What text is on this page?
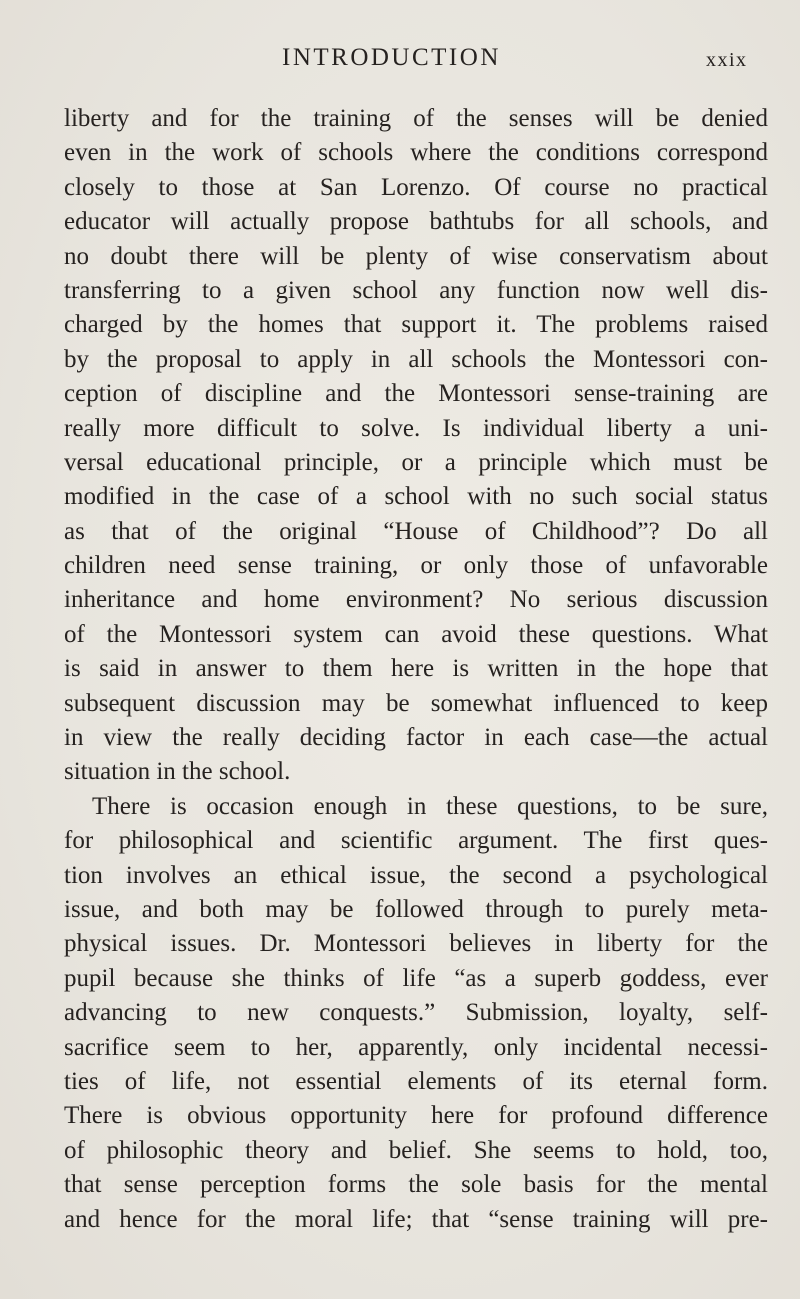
INTRODUCTION	xxix
liberty and for the training of the senses will be denied
even in the work of schools where the conditions correspond
closely to those at San Lorenzo. Of course no practical
educator will actually propose bathtubs for all schools, and
no doubt there will be plenty of wise conservatism about
transferring to a given school any function now well dis-
charged by the homes that support it. The problems raised
by the proposal to apply in all schools the Montessori con-
ception of discipline and the Montessori sense-training are
really more difficult to solve. Is individual liberty a uni-
versal educational principle, or a principle which must be
modified in the case of a school with no such social status
as that of the original “House of Childhood”? Do all
children need sense training, or only those of unfavorable
inheritance and home environment? No serious discussion
of the Montessori system can avoid these questions. What
is said in answer to them here is written in the hope that
subsequent discussion may be somewhat influenced to keep
in view the really deciding factor in each case—the actual
situation in the school.
There is occasion enough in these questions, to be sure,
for philosophical and scientific argument. The first ques-
tion involves an ethical issue, the second a psychological
issue, and both may be followed through to purely meta-
physical issues. Dr. Montessori believes in liberty for the
pupil because she thinks of life “as a superb goddess, ever
advancing to new conquests.” Submission, loyalty, self-
sacrifice seem to her, apparently, only incidental necessi-
ties of life, not essential elements of its eternal form.
There is obvious opportunity here for profound difference
of philosophic theory and belief. She seems to hold, too,
that sense perception forms the sole basis for the mental
and hence for the moral life; that “sense training will pre-
